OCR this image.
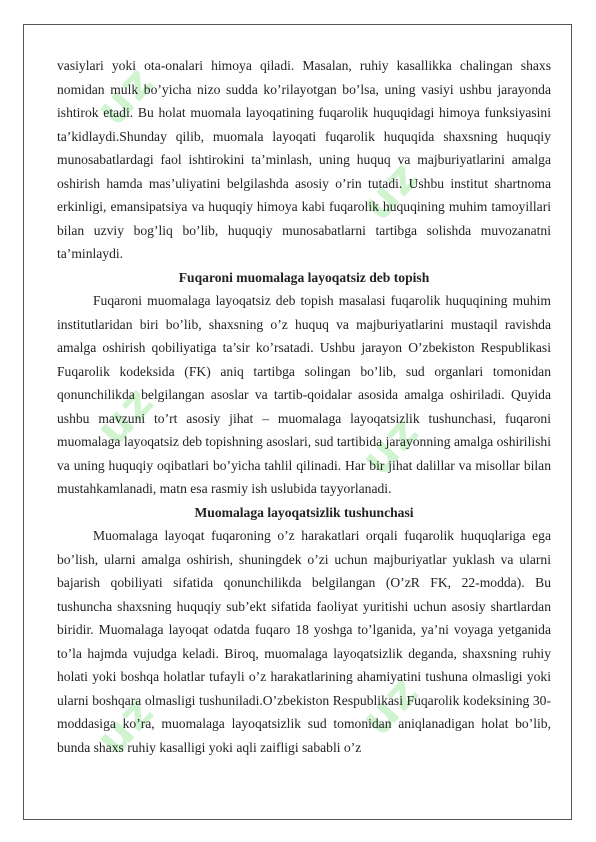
uz
uz
uz	uz
uz	uz

vasiylari yoki ota-onalari himoya qiladi. Masalan, ruhiy kasallikka chalingan shaxs nomidan mulk bo’yicha nizo sudda ko’rilayotgan bo’lsa, uning vasiyi ushbu jarayonda ishtirok etadi. Bu holat muomala layoqatining fuqarolik huquqidagi himoya funksiyasini ta’kidlaydi.Shunday qilib, muomala layoqati fuqarolik huquqida shaxsning huquqiy munosabatlardagi faol ishtirokini ta’minlash, uning huquq va majburiyatlarini amalga oshirish hamda mas’uliyatini belgilashda asosiy o’rin tutadi. Ushbu institut shartnoma erkinligi, emansipatsiya va huquqiy himoya kabi fuqarolik huquqining muhim tamoyillari bilan uzviy bog’liq bo’lib, huquqiy munosabatlarni tartibga solishda muvozanatni ta’minlaydi.

Fuqaroni muomalaga layoqatsiz deb topish

Fuqaroni muomalaga layoqatsiz deb topish masalasi fuqarolik huquqining muhim institutlaridan biri bo’lib, shaxsning o’z huquq va majburiyatlarini mustaqil ravishda amalga oshirish qobiliyatiga ta’sir ko’rsatadi. Ushbu jarayon O’zbekiston Respublikasi Fuqarolik kodeksida (FK) aniq tartibga solingan bo’lib, sud organlari tomonidan qonunchilikda belgilangan asoslar va tartib-qoidalar asosida amalga oshiriladi. Quyida ushbu mavzuni to’rt asosiy jihat – muomalaga layoqatsizlik tushunchasi, fuqaroni muomalaga layoqatsiz deb topishning asoslari, sud tartibida jarayonning amalga oshirilishi va uning huquqiy oqibatlari bo’yicha tahlil qilinadi. Har bir jihat dalillar va misollar bilan mustahkamlanadi, matn esa rasmiy ish uslubida tayyorlanadi.

Muomalaga layoqatsizlik tushunchasi

Muomalaga layoqat fuqaroning o’z harakatlari orqali fuqarolik huquqlariga ega bo’lish, ularni amalga oshirish, shuningdek o’zi uchun majburiyatlar yuklash va ularni bajarish qobiliyati sifatida qonunchilikda belgilangan (O’zR FK, 22-modda). Bu tushuncha shaxsning huquqiy sub’ekt sifatida faoliyat yuritishi uchun asosiy shartlardan biridir. Muomalaga layoqat odatda fuqaro 18 yoshga to’lganida, ya’ni voyaga yetganida to’la hajmda vujudga keladi. Biroq, muomalaga layoqatsizlik deganda, shaxsning ruhiy holati yoki boshqa holatlar tufayli o’z harakatlarining ahamiyatini tushuna olmasligi yoki ularni boshqara olmasligi tushuniladi.O’zbekiston Respublikasi Fuqarolik kodeksining 30-moddasiga ko’ra, muomalaga layoqatsizlik sud tomonidan aniqlanadigan holat bo’lib, bunda shaxs ruhiy kasalligi yoki aqli zaifligi sababli o’z
